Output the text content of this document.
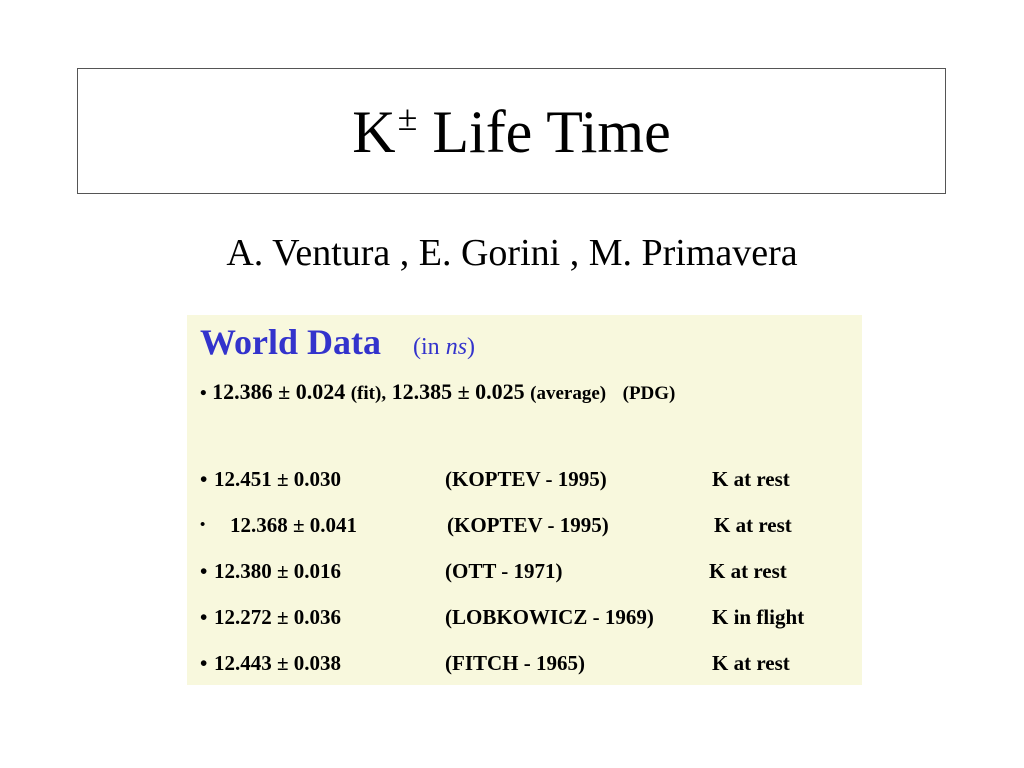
K± Life Time
A. Ventura , E. Gorini , M. Primavera
World Data (in ns)
• 12.386 ± 0.024 (fit), 12.385 ± 0.025 (average) (PDG)
• 12.451 ± 0.030	(KOPTEV - 1995)	K at rest
• 12.368 ± 0.041	(KOPTEV - 1995)	K at rest
• 12.380 ± 0.016	(OTT - 1971)	K at rest
• 12.272 ± 0.036	(LOBKOWICZ - 1969)	K in flight
• 12.443 ± 0.038	(FITCH - 1965)	K at rest
